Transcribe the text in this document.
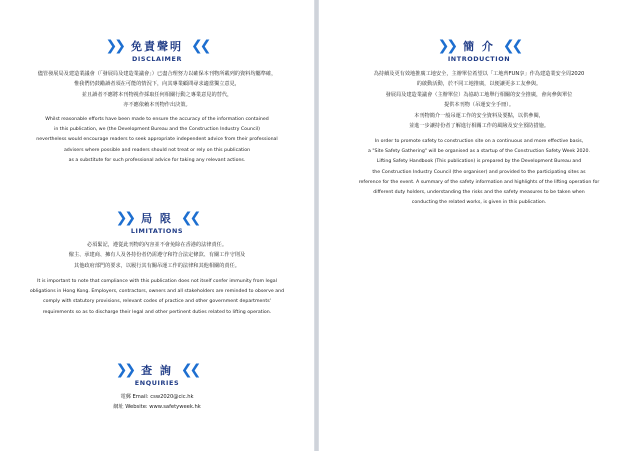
❯❯ 免責聲明 ❮❮
DISCLAIMER
儘管發展局及建造業議會（「發展局及建造業議會」）已盡合理努力以確保本刊物所載列的資料均屬準確，
惟我們仍鼓勵讀者須在可能的情況下，向其專業顧問尋求適當獨立意見，
並且讀者不應將本刊物視作採取任何相關行動之專業意見的替代，
亦不應依賴本刊物作出決策。
Whilst reasonable efforts have been made to ensure the accuracy of the information contained
in this publication, we (the Development Bureau and the Construction Industry Council)
nevertheless would encourage readers to seek appropriate independent advice from their professional
advisers where possible and readers should not treat or rely on this publication
as a substitute for such professional advice for taking any relevant actions.
❯❯ 局 限 ❮❮
LIMITATIONS
必須緊記，遵從此刊物的內容並不會免除在香港的法律責任。
僱主、承建商、擁有人及各持份者仍需遵守和符合法定條款、有關工作守則及
其他政府部門的要求，以履行其有關吊運工作的法律和其他相關的責任。
It is important to note that compliance with this publication does not itself confer immunity from legal
obligations in Hong Kong. Employers, contractors, owners and all stakeholders are reminded to observe and
comply with statutory provisions, relevant codes of practice and other government departments'
requirements so as to discharge their legal and other pertinent duties related to lifting operation.
❯❯ 查 詢 ❮❮
ENQUIRIES
電郵 Email: csw2020@cic.hk
網址 Website: www.safetyweek.hk
❯❯ 簡 介 ❮❮
INTRODUCTION
為持續及更有效地推廣工地安全，主辦單位希望以「工地齊FUN享」作為建造業安全周2020
的啟動活動，於不同工地推廣，以便讓更多工友參與。
發展局及建造業議會（主辦單位）為協助工地舉行相關的安全推廣，會向參與單位
提供本刊物（吊運安全手冊）。
本刊物簡介一般吊運工作的安全資料及要點，以供參閱，
並進一步讓持份者了解進行相關工作的風險及安全預防措施。
In order to promote safety to construction site on a continuous and more effective basis,
a "Site Safety Gathering" will be organised as a startup of the Construction Safety Week 2020.
Lifting Safety Handbook (This publication) is prepared by the Development Bureau and
the Construction Industry Council (the organiser) and provided to the participating sites as
reference for the event. A summary of the safety information and highlights of the lifting operation for
different duty holders, understanding the risks and the safety measures to be taken when
conducting the related works, is given in this publication.
